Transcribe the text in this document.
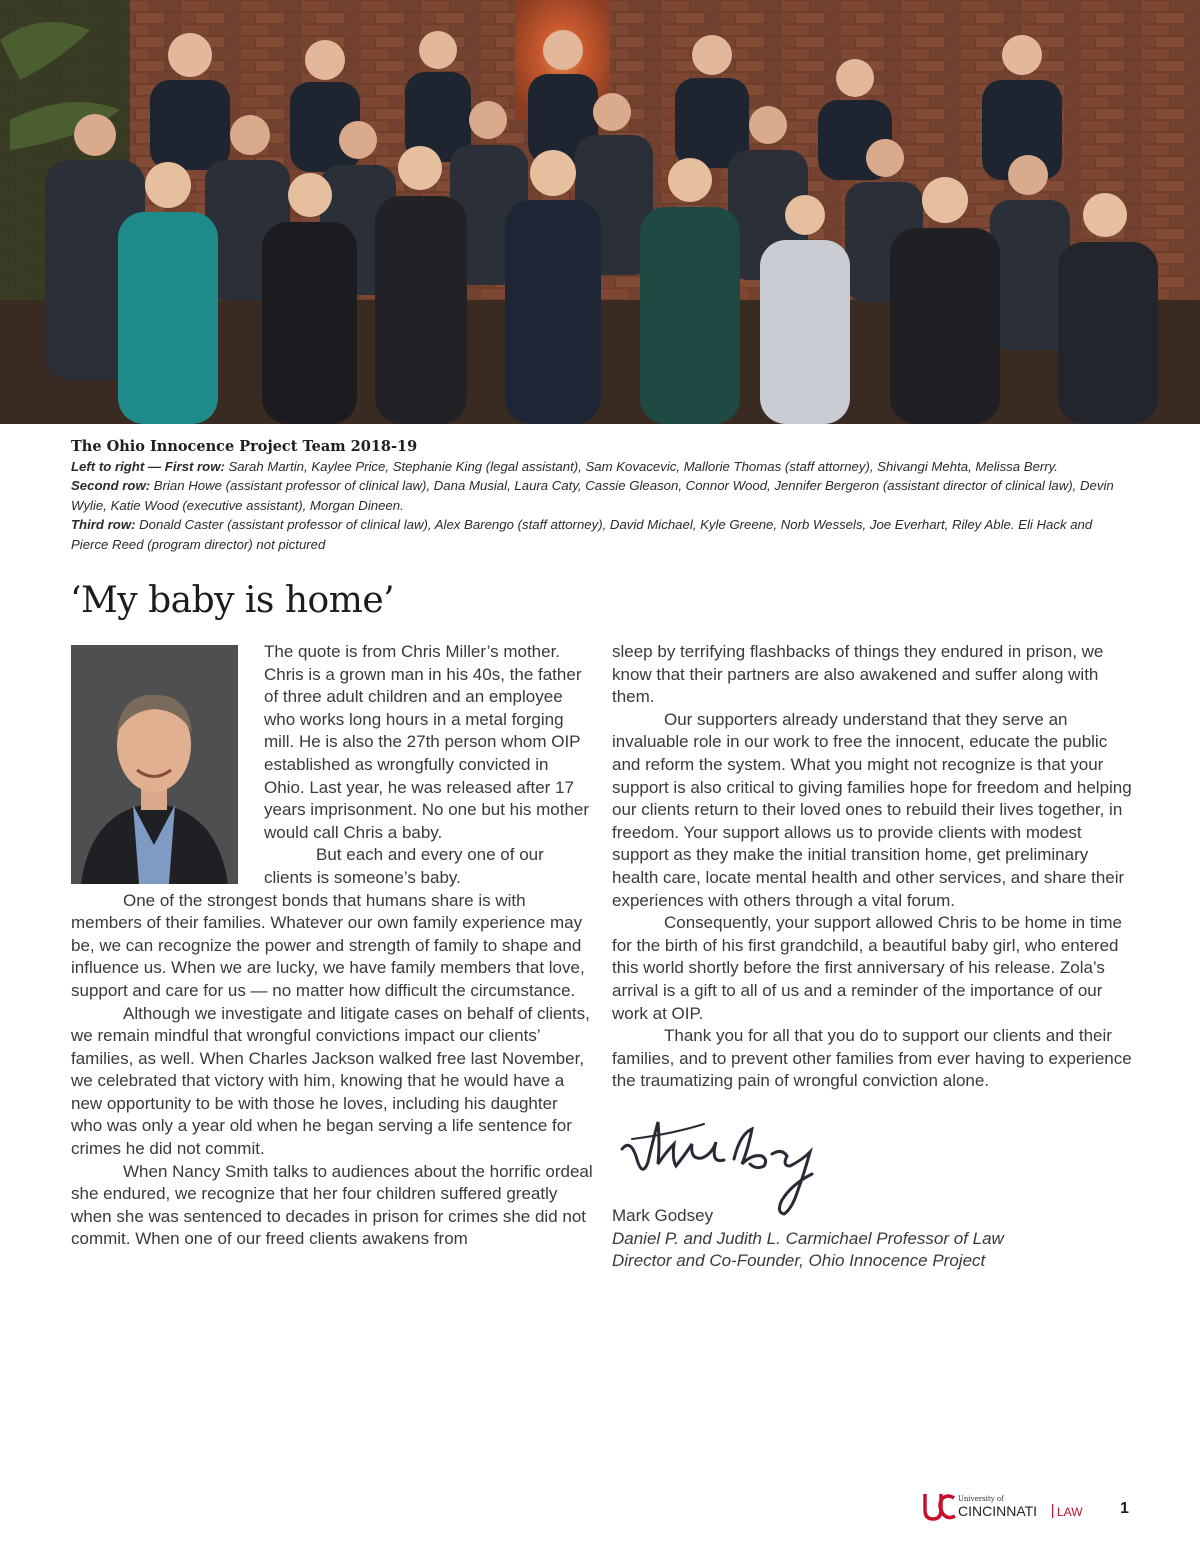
The Ohio Innocence Project Team 2018-19
Left to right — First row: Sarah Martin, Kaylee Price, Stephanie King (legal assistant), Sam Kovacevic, Mallorie Thomas (staff attorney), Shivangi Mehta, Melissa Berry.
Second row: Brian Howe (assistant professor of clinical law), Dana Musial, Laura Caty, Cassie Gleason, Connor Wood, Jennifer Bergeron (assistant director of clinical law), Devin Wylie, Katie Wood (executive assistant), Morgan Dineen.
Third row: Donald Caster (assistant professor of clinical law), Alex Barengo (staff attorney), David Michael, Kyle Greene, Norb Wessels, Joe Everhart, Riley Able. Eli Hack and Pierce Reed (program director) not pictured
‘My baby is home’

The quote is from Chris Miller’s mother. Chris is a grown man in his 40s, the father of three adult children and an employee who works long hours in a metal forging mill. He is also the 27th person whom OIP established as wrongfully convicted in Ohio. Last year, he was released after 17 years imprisonment. No one but his mother would call Chris a baby.

But each and every one of our clients is someone’s baby.

One of the strongest bonds that humans share is with members of their families. Whatever our own family experience may be, we can recognize the power and strength of family to shape and influence us. When we are lucky, we have family members that love, support and care for us — no matter how difficult the circumstance.

Although we investigate and litigate cases on behalf of clients, we remain mindful that wrongful convictions impact our clients’ families, as well. When Charles Jackson walked free last November, we celebrated that victory with him, knowing that he would have a new opportunity to be with those he loves, including his daughter who was only a year old when he began serving a life sentence for crimes he did not commit.

When Nancy Smith talks to audiences about the horrific ordeal she endured, we recognize that her four children suffered greatly when she was sentenced to decades in prison for crimes she did not commit. When one of our freed clients awakens from

sleep by terrifying flashbacks of things they endured in prison, we know that their partners are also awakened and suffer along with them.

Our supporters already understand that they serve an invaluable role in our work to free the innocent, educate the public and reform the system. What you might not recognize is that your support is also critical to giving families hope for freedom and helping our clients return to their loved ones to rebuild their lives together, in freedom. Your support allows us to provide clients with modest support as they make the initial transition home, get preliminary health care, locate mental health and other services, and share their experiences with others through a vital forum.

Consequently, your support allowed Chris to be home in time for the birth of his first grandchild, a beautiful baby girl, who entered this world shortly before the first anniversary of his release. Zola’s arrival is a gift to all of us and a reminder of the importance of our work at OIP.

Thank you for all that you do to support our clients and their families, and to prevent other families from ever having to experience the traumatizing pain of wrongful conviction alone.

Mark Godsey
Daniel P. and Judith L. Carmichael Professor of Law
Director and Co-Founder, Ohio Innocence Project
University of
CINCINNATI LAW 1
